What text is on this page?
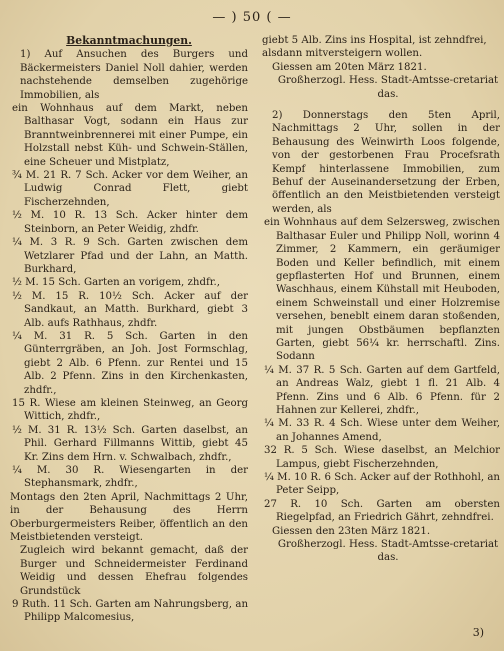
— ) 50 ( —

Bekanntmachungen.

1) Auf Ansuchen des Burgers und Bäckermeisters Daniel Noll dahier, werden nachstehende demselben zugehörige Immobilien, als

ein Wohnhaus auf dem Markt, neben Balthasar Vogt, sodann ein Haus zur Branntweinbrennerei mit einer Pumpe, ein Holzstall nebst Küh- und Schwein-Ställen, eine Scheuer und Mistplatz,

¾ M. 21 R. 7 Sch. Acker vor dem Weiher, an Ludwig Conrad Flett, giebt Fischerzehnden,

½ M. 10 R. 13 Sch. Acker hinter dem Steinborn, an Peter Weidig, zhdfr.

¼ M. 3 R. 9 Sch. Garten zwischen dem Wetzlarer Pfad und der Lahn, an Matth. Burkhard,

½ M. 15 Sch. Garten an vorigem, zhdfr.,

½ M. 15 R. 10½ Sch. Acker auf der Sandkaut, an Matth. Burkhard, giebt 3 Alb. aufs Rathhaus, zhdfr.

¼ M. 31 R. 5 Sch. Garten in den Günterrgräben, an Joh. Jost Formschlag, giebt 2 Alb. 6 Pfenn. zur Rentei und 15 Alb. 2 Pfenn. Zins in den Kirchenkasten, zhdfr.,

15 R. Wiese am kleinen Steinweg, an Georg Wittich, zhdfr.,

½ M. 31 R. 13½ Sch. Garten daselbst, an Phil. Gerhard Fillmanns Wittib, giebt 45 Kr. Zins dem Hrn. v. Schwalbach, zhdfr.,

¼ M. 30 R. Wiesengarten in der Stephansmark, zhdfr.,

Montags den 2ten April, Nachmittags 2 Uhr, in der Behausung des Herrn Oberburgermeisters Reiber, öffentlich an den Meistbietenden versteigt.

Zugleich wird bekannt gemacht, daß der Burger und Schneidermeister Ferdinand Weidig und dessen Ehefrau folgendes Grundstück

9 Ruth. 11 Sch. Garten am Nahrungsberg, an Philipp Malcomesius,

giebt 5 Alb. Zins ins Hospital, ist zehndfrei,

alsdann mitversteigern wollen.

Giessen am 20ten März 1821.

Großherzogl. Hess. Stadt-Amtsse-cretariat das.

2) Donnerstags den 5ten April, Nachmittags 2 Uhr, sollen in der Behausung des Weinwirth Loos folgende, von der gestorbenen Frau Procefsrath Kempf hinterlassene Immobilien, zum Behuf der Auseinandersetzung der Erben, öffentlich an den Meistbietenden versteigt werden, als

ein Wohnhaus auf dem Selzersweg, zwischen Balthasar Euler und Philipp Noll, worinn 4 Zimmer, 2 Kammern, ein geräumiger Boden und Keller befindlich, mit einem gepflasterten Hof und Brunnen, einem Waschhaus, einem Kühstall mit Heuboden, einem Schweinstall und einer Holzremise versehen, beneblt einem daran stoßenden, mit jungen Obstbäumen bepflanzten Garten, giebt 56¼ kr. herrschaftl. Zins. Sodann

¼ M. 37 R. 5 Sch. Garten auf dem Gartfeld, an Andreas Walz, giebt 1 fl. 21 Alb. 4 Pfenn. Zins und 6 Alb. 6 Pfenn. für 2 Hahnen zur Kellerei, zhdfr.,

¼ M. 33 R. 4 Sch. Wiese unter dem Weiher, an Johannes Amend,

32 R. 5 Sch. Wiese daselbst, an Melchior Lampus, giebt Fischerzehnden,

¼ M. 10 R. 6 Sch. Acker auf der Rothhohl, an Peter Seipp,

27 R. 10 Sch. Garten am obersten Riegelpfad, an Friedrich Gährt, zehndfrei.

Giessen den 23ten März 1821.

Großherzogl. Hess. Stadt-Amtsse-cretariat das.

3)
